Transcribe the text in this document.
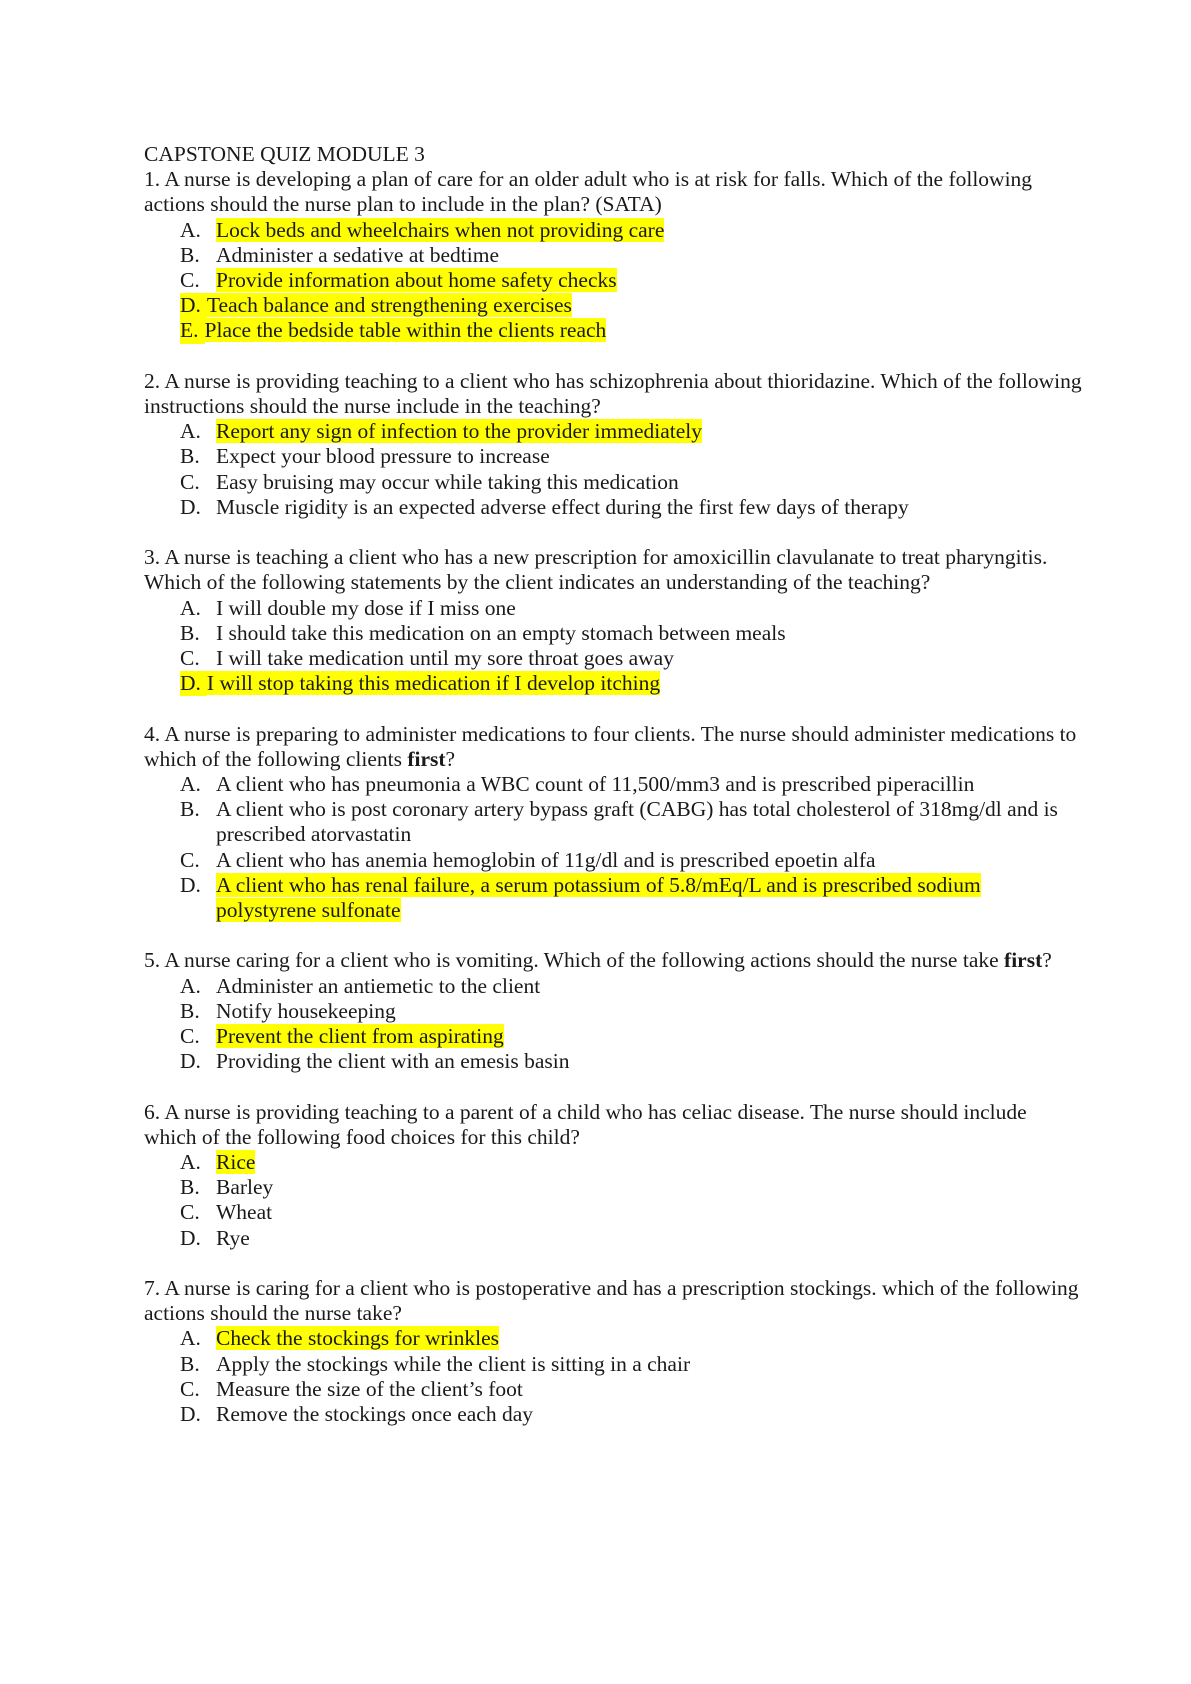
CAPSTONE QUIZ MODULE 3

1. A nurse is developing a plan of care for an older adult who is at risk for falls. Which of the following actions should the nurse plan to include in the plan? (SATA)

A. Lock beds and wheelchairs when not providing care
B. Administer a sedative at bedtime
C. Provide information about home safety checks
D. Teach balance and strengthening exercises
E. Place the bedside table within the clients reach

2. A nurse is providing teaching to a client who has schizophrenia about thioridazine. Which of the following instructions should the nurse include in the teaching?

A. Report any sign of infection to the provider immediately
B. Expect your blood pressure to increase
C. Easy bruising may occur while taking this medication
D. Muscle rigidity is an expected adverse effect during the first few days of therapy

3. A nurse is teaching a client who has a new prescription for amoxicillin clavulanate to treat pharyngitis. Which of the following statements by the client indicates an understanding of the teaching?

A. I will double my dose if I miss one
B. I should take this medication on an empty stomach between meals
C. I will take medication until my sore throat goes away
D. I will stop taking this medication if I develop itching

4. A nurse is preparing to administer medications to four clients. The nurse should administer medications to which of the following clients first?

A. A client who has pneumonia a WBC count of 11,500/mm3 and is prescribed piperacillin
B. A client who is post coronary artery bypass graft (CABG) has total cholesterol of 318mg/dl and is prescribed atorvastatin
C. A client who has anemia hemoglobin of 11g/dl and is prescribed epoetin alfa
D. A client who has renal failure, a serum potassium of 5.8/mEq/L and is prescribed sodium polystyrene sulfonate

5. A nurse caring for a client who is vomiting. Which of the following actions should the nurse take first?

A. Administer an antiemetic to the client
B. Notify housekeeping
C. Prevent the client from aspirating
D. Providing the client with an emesis basin

6. A nurse is providing teaching to a parent of a child who has celiac disease. The nurse should include which of the following food choices for this child?

A. Rice
B. Barley
C. Wheat
D. Rye

7. A nurse is caring for a client who is postoperative and has a prescription stockings. which of the following actions should the nurse take?

A. Check the stockings for wrinkles
B. Apply the stockings while the client is sitting in a chair
C. Measure the size of the client’s foot
D. Remove the stockings once each day
